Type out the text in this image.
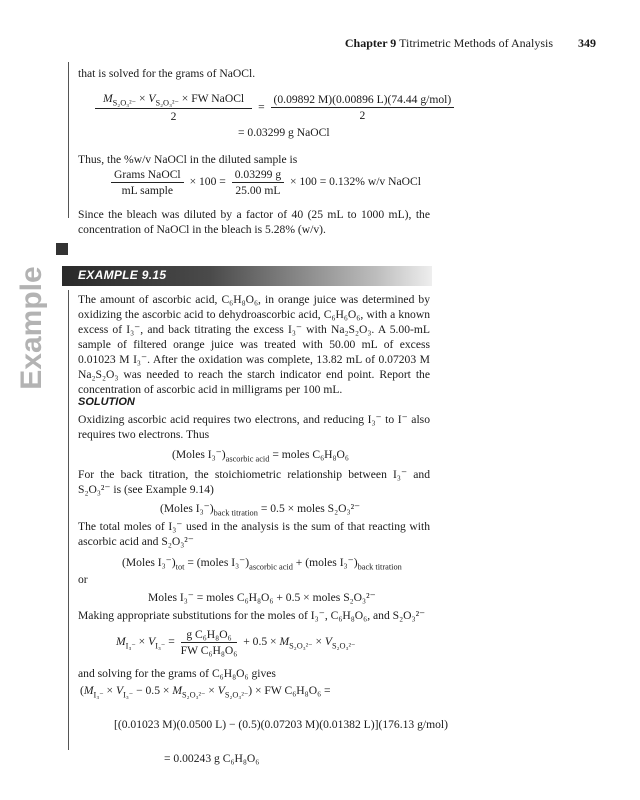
Chapter 9 Titrimetric Methods of Analysis 349
that is solved for the grams of NaOCl.
$\frac{M_{S_2O_3^{2-}} \times V_{S_2O_3^{2-}} \times FW NaOCl}{2} = \frac{\text{(0.09892 M)(0.00896 L)(74.44 g/mol)}}{2}$
= 0.03299 g NaOCl
Thus, the %w/v NaOCl in the diluted sample is
$\frac{\text{Grams NaOCl}}{\text{mL sample}} \times 100 = \frac{0.03299 g}{25.00 mL} \times 100 = 0.132\%$ w/v NaOCl
Since the bleach was diluted by a factor of 40 (25 mL to 1000 mL), the concentration of NaOCl in the bleach is 5.28% (w/v).
EXAMPLE 9.15
Example	The amount of ascorbic acid, C₆H₈O₆, in orange juice was determined by oxidizing the ascorbic acid to dehydroascorbic acid, C₆H₆O₆, with a known excess of I₃⁻, and back titrating the excess I₃⁻ with Na₂S₂O₃. A 5.00-mL sample of filtered orange juice was treated with 50.00 mL of excess 0.01023 M I₃⁻. After the oxidation was complete, 13.82 mL of 0.07203 M Na₂S₂O₃ was needed to reach the starch indicator end point. Report the concentration of ascorbic acid in milligrams per 100 mL.
SOLUTION
Oxidizing ascorbic acid requires two electrons, and reducing I₃⁻ to I⁻ also requires two electrons. Thus
(Moles $I_3^-)_{ascorbic acid}$ = moles C₆H₈O₆
For the back titration, the stoichiometric relationship between I₃⁻ and S₂O₃²⁻ is (see Example 9.14)
(Moles $I_3^-)_{back titration} = 0.5$ × moles S₂O₃²⁻
The total moles of I₃⁻ used in the analysis is the sum of that reacting with ascorbic acid and S₂O₃²⁻
(Moles $I_3^-)_{tot}$ = (moles $I_3^-)_{ascorbic acid}$ + (moles $I_3^-)_{back titration}$
or
Moles I₃⁻ = moles C₆H₈O₆ + 0.5 × moles S₂O₃²⁻
Making appropriate substitutions for the moles of I₃⁻, C₆H₈O₆, and S₂O₃²⁻
$M_{I_3^-} \times V_{I_3^-} = \frac{\text{g C₆H₈O₆}}{\text{FW C₆H₈O₆}} + 0.5 \times M_{S_2O_3^{2-}} \times V_{S_2O_3^{2-}}$
and solving for the grams of C₆H₈O₆ gives
$(M_{I_3^-} \times V_{I_3^-} - 0.5 \times M_{S_2O_3^{2-}} \times V_{S_2O_3^{2-}})$ × FW C₆H₈O₆ =
[(0.01023 M)(0.0500 L) − (0.5)(0.07203 M)(0.01382 L)](176.13 g/mol)
= 0.00243 g C₆H₈O₆
